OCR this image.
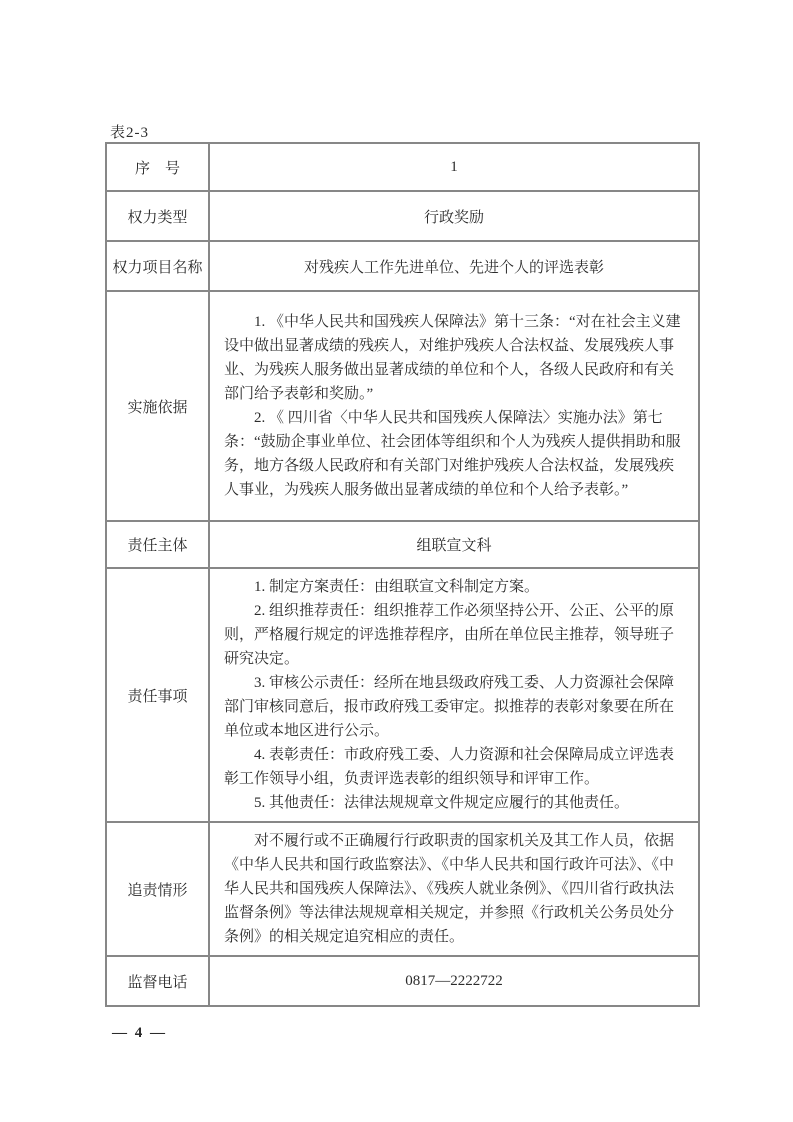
表2-3
序　号	1
权力类型	行政奖励
权力项目名称	对残疾人工作先进单位、先进个人的评选表彰
实施依据	1. 《中华人民共和国残疾人保障法》第十三条：“对在社会主义建设中做出显著成绩的残疾人，对维护残疾人合法权益、发展残疾人事业、为残疾人服务做出显著成绩的单位和个人，各级人民政府和有关部门给予表彰和奖励。”

2. 《 四川省〈中华人民共和国残疾人保障法〉实施办法》第七条：“鼓励企事业单位、社会团体等组织和个人为残疾人提供捐助和服务，地方各级人民政府和有关部门对维护残疾人合法权益，发展残疾人事业，为残疾人服务做出显著成绩的单位和个人给予表彰。”

责任主体	组联宣文科
责任事项	1. 制定方案责任：由组联宣文科制定方案。

2. 组织推荐责任：组织推荐工作必须坚持公开、公正、公平的原则，严格履行规定的评选推荐程序，由所在单位民主推荐，领导班子研究决定。

3. 审核公示责任：经所在地县级政府残工委、人力资源社会保障部门审核同意后，报市政府残工委审定。拟推荐的表彰对象要在所在单位或本地区进行公示。

4. 表彰责任：市政府残工委、人力资源和社会保障局成立评选表彰工作领导小组，负责评选表彰的组织领导和评审工作。

5. 其他责任：法律法规规章文件规定应履行的其他责任。

追责情形	对不履行或不正确履行行政职责的国家机关及其工作人员，依据《中华人民共和国行政监察法》、《中华人民共和国行政许可法》、《中华人民共和国残疾人保障法》、《残疾人就业条例》、《四川省行政执法监督条例》等法律法规规章相关规定，并参照《行政机关公务员处分条例》的相关规定追究相应的责任。

监督电话	0817—2222722
— 4 —
